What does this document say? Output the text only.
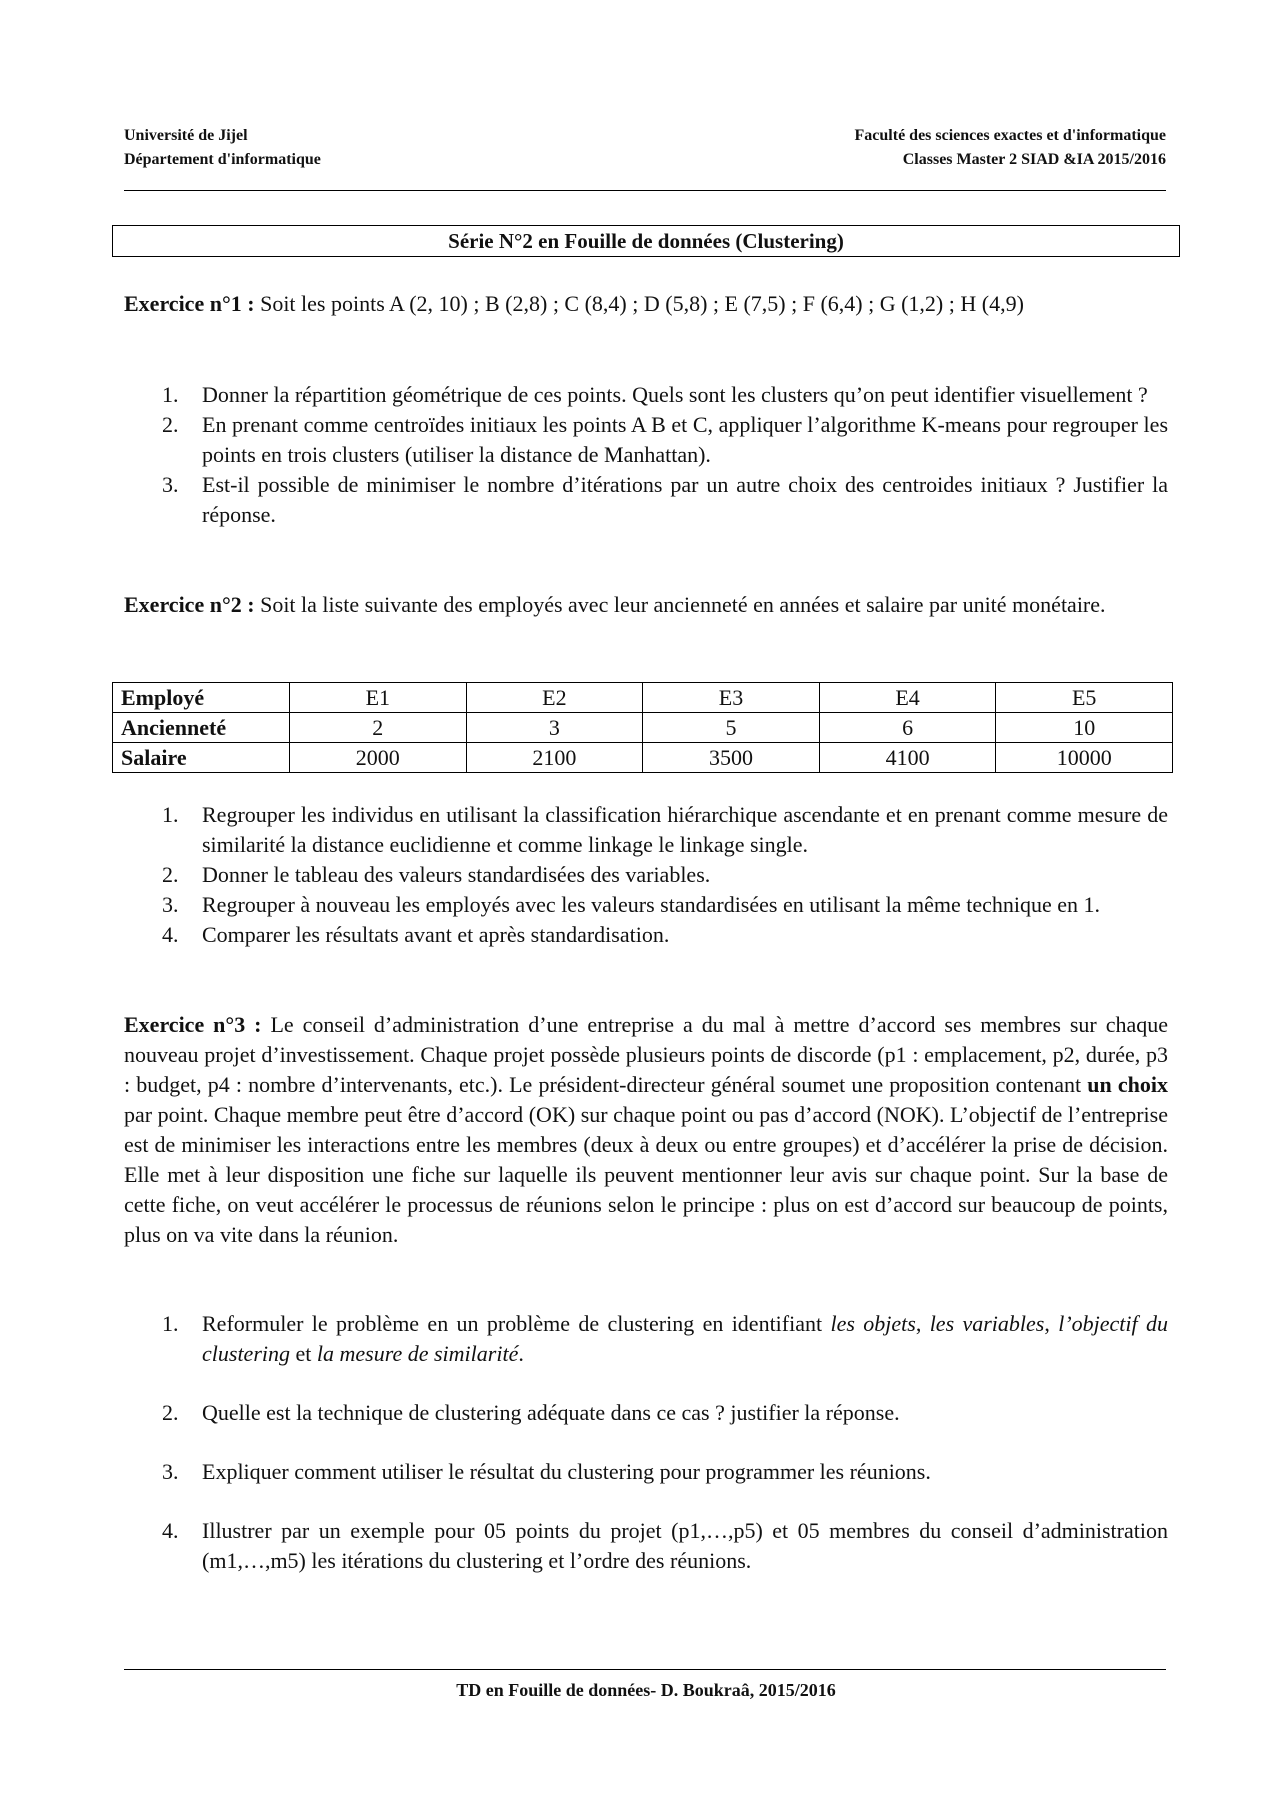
Université de Jijel
Département d'informatique
Faculté des sciences exactes et d'informatique
Classes Master 2 SIAD &IA 2015/2016
Série N°2 en Fouille de données (Clustering)
Exercice n°1 : Soit les points A (2, 10) ; B (2,8) ; C (8,4) ; D (5,8) ; E (7,5) ; F (6,4) ; G (1,2) ; H (4,9)
1. Donner la répartition géométrique de ces points. Quels sont les clusters qu’on peut identifier visuellement ?
2. En prenant comme centroïdes initiaux les points A B et C, appliquer l’algorithme K-means pour regrouper les points en trois clusters (utiliser la distance de Manhattan).
3. Est-il possible de minimiser le nombre d’itérations par un autre choix des centroides initiaux ? Justifier la réponse.
Exercice n°2 : Soit la liste suivante des employés avec leur ancienneté en années et salaire par unité monétaire.
Employé	E1	E2	E3	E4	E5
Ancienneté	2	3	5	6	10
Salaire	2000	2100	3500	4100	10000
1. Regrouper les individus en utilisant la classification hiérarchique ascendante et en prenant comme mesure de similarité la distance euclidienne et comme linkage le linkage single.
2. Donner le tableau des valeurs standardisées des variables.
3. Regrouper à nouveau les employés avec les valeurs standardisées en utilisant la même technique en 1.
4. Comparer les résultats avant et après standardisation.
Exercice n°3 : Le conseil d’administration d’une entreprise a du mal à mettre d’accord ses membres sur chaque nouveau projet d’investissement. Chaque projet possède plusieurs points de discorde (p1 : emplacement, p2, durée, p3 : budget, p4 : nombre d’intervenants, etc.). Le président-directeur général soumet une proposition contenant un choix par point. Chaque membre peut être d’accord (OK) sur chaque point ou pas d’accord (NOK). L’objectif de l’entreprise est de minimiser les interactions entre les membres (deux à deux ou entre groupes) et d’accélérer la prise de décision. Elle met à leur disposition une fiche sur laquelle ils peuvent mentionner leur avis sur chaque point. Sur la base de cette fiche, on veut accélérer le processus de réunions selon le principe : plus on est d’accord sur beaucoup de points, plus on va vite dans la réunion.
1. Reformuler le problème en un problème de clustering en identifiant les objets, les variables, l’objectif du clustering et la mesure de similarité.
2. Quelle est la technique de clustering adéquate dans ce cas ? justifier la réponse.
3. Expliquer comment utiliser le résultat du clustering pour programmer les réunions.
4. Illustrer par un exemple pour 05 points du projet (p1,…,p5) et 05 membres du conseil d’administration (m1,…,m5) les itérations du clustering et l’ordre des réunions.
TD en Fouille de données- D. Boukraâ, 2015/2016
